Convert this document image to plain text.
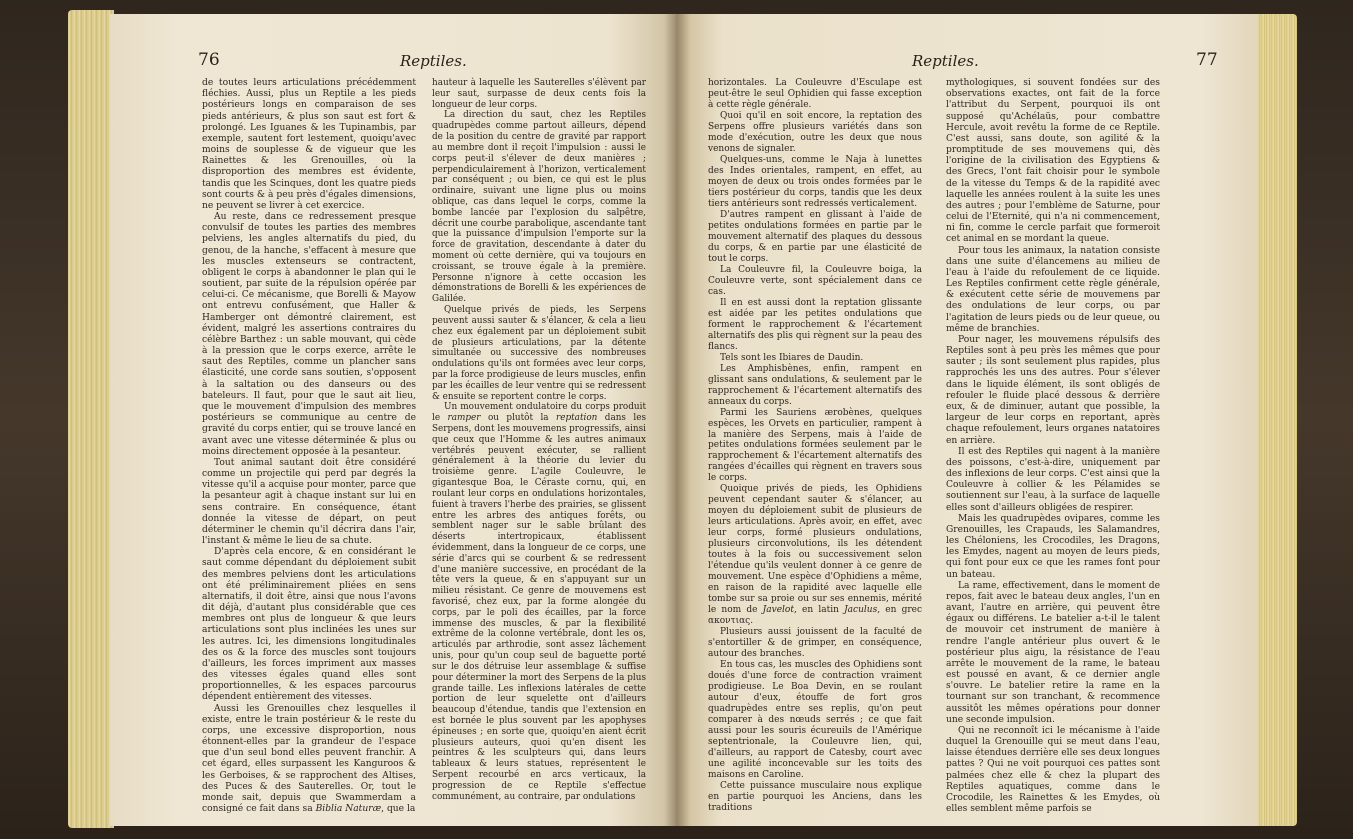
76	Reptiles.

de toutes leurs articulations précédemment fléchies. Aussi, plus un Reptile a les pieds postérieurs longs en comparaison de ses pieds antérieurs, & plus son saut est fort & prolongé. Les Iguanes & les Tupinambis, par exemple, sautent fort lestement, quoiqu'avec moins de souplesse & de vigueur que les Rainettes & les Grenouilles, où la disproportion des membres est évidente, tandis que les Scinques, dont les quatre pieds sont courts & à peu près d'égales dimensions, ne peuvent se livrer à cet exercice.

Au reste, dans ce redressement presque convulsif de toutes les parties des membres pelviens, les angles alternatifs du pied, du genou, de la hanche, s'effacent à mesure que les muscles extenseurs se contractent, obligent le corps à abandonner le plan qui le soutient, par suite de la répulsion opérée par celui-ci. Ce mécanisme, que Borelli & Mayow ont entrevu confusément, que Haller & Hamberger ont démontré clairement, est évident, malgré les assertions contraires du célèbre Barthez : un sable mouvant, qui cède à la pression que le corps exerce, arrête le saut des Reptiles, comme un plancher sans élasticité, une corde sans soutien, s'opposent à la saltation ou des danseurs ou des bateleurs. Il faut, pour que le saut ait lieu, que le mouvement d'impulsion des membres postérieurs se communique au centre de gravité du corps entier, qui se trouve lancé en avant avec une vitesse déterminée & plus ou moins directement opposée à la pesanteur.

Tout animal sautant doit être considéré comme un projectile qui perd par degrés la vitesse qu'il a acquise pour monter, parce que la pesanteur agit à chaque instant sur lui en sens contraire. En conséquence, étant donnée la vitesse de départ, on peut déterminer le chemin qu'il décrira dans l'air, l'instant & même le lieu de sa chute.

D'après cela encore, & en considérant le saut comme dépendant du déploiement subit des membres pelviens dont les articulations ont été préliminairement pliées en sens alternatifs, il doit être, ainsi que nous l'avons dit déjà, d'autant plus considérable que ces membres ont plus de longueur & que leurs articulations sont plus inclinées les unes sur les autres. Ici, les dimensions longitudinales des os & la force des muscles sont toujours d'ailleurs, les forces impriment aux masses des vitesses égales quand elles sont proportionnelles, & les espaces parcourus dépendent entièrement des vitesses.

Aussi les Grenouilles chez lesquelles il existe, entre le train postérieur & le reste du corps, une excessive disproportion, nous étonnent-elles par la grandeur de l'espace que d'un seul bond elles peuvent franchir. A cet égard, elles surpassent les Kanguroos & les Gerboises, & se rapprochent des Altises, des Puces & des Sauterelles. Or, tout le monde sait, depuis que Swammerdam a consigné ce fait dans sa Biblia Naturæ, que la

hauteur à laquelle les Sauterelles s'élèvent par leur saut, surpasse de deux cents fois la longueur de leur corps.

La direction du saut, chez les Reptiles quadrupèdes comme partout ailleurs, dépend de la position du centre de gravité par rapport au membre dont il reçoit l'impulsion : aussi le corps peut-il s'élever de deux manières ; perpendiculairement à l'horizon, verticalement par conséquent ; ou bien, ce qui est le plus ordinaire, suivant une ligne plus ou moins oblique, cas dans lequel le corps, comme la bombe lancée par l'explosion du salpêtre, décrit une courbe parabolique, ascendante tant que la puissance d'impulsion l'emporte sur la force de gravitation, descendante à dater du moment où cette dernière, qui va toujours en croissant, se trouve égale à la première. Personne n'ignore à cette occasion les démonstrations de Borelli & les expériences de Galilée.

Quelque privés de pieds, les Serpens peuvent aussi sauter & s'élancer, & cela a lieu chez eux également par un déploiement subit de plusieurs articulations, par la détente simultanée ou successive des nombreuses ondulations qu'ils ont formées avec leur corps, par la force prodigieuse de leurs muscles, enfin par les écailles de leur ventre qui se redressent & ensuite se reportent contre le corps.

Un mouvement ondulatoire du corps produit le ramper ou plutôt la reptation dans les Serpens, dont les mouvemens progressifs, ainsi que ceux que l'Homme & les autres animaux vertébrés peuvent exécuter, se rallient généralement à la théorie du levier du troisième genre. L'agile Couleuvre, le gigantesque Boa, le Céraste cornu, qui, en roulant leur corps en ondulations horizontales, fuient à travers l'herbe des prairies, se glissent entre les arbres des antiques forêts, ou semblent nager sur le sable brûlant des déserts intertropicaux, établissent évidemment, dans la longueur de ce corps, une série d'arcs qui se courbent & se redressent d'une manière successive, en procédant de la tête vers la queue, & en s'appuyant sur un milieu résistant. Ce genre de mouvemens est favorisé, chez eux, par la forme alongée du corps, par le poli des écailles, par la force immense des muscles, & par la flexibilité extrême de la colonne vertébrale, dont les os, articulés par arthrodie, sont assez lâchement unis, pour qu'un coup seul de baguette porté sur le dos détruise leur assemblage & suffise pour déterminer la mort des Serpens de la plus grande taille. Les inflexions latérales de cette portion de leur squelette ont d'ailleurs beaucoup d'étendue, tandis que l'extension en est bornée le plus souvent par les apophyses épineuses ; en sorte que, quoiqu'en aient écrit plusieurs auteurs, quoi qu'en disent les peintres & les sculpteurs qui, dans leurs tableaux & leurs statues, représentent le Serpent recourbé en arcs verticaux, la progression de ce Reptile s'effectue communément, au contraire, par ondulations

Reptiles.	77

horizontales. La Couleuvre d'Esculape est peut-être le seul Ophidien qui fasse exception à cette règle générale.

Quoi qu'il en soit encore, la reptation des Serpens offre plusieurs variétés dans son mode d'exécution, outre les deux que nous venons de signaler.

Quelques-uns, comme le Naja à lunettes des Indes orientales, rampent, en effet, au moyen de deux ou trois ondes formées par le tiers postérieur du corps, tandis que les deux tiers antérieurs sont redressés verticalement.

D'autres rampent en glissant à l'aide de petites ondulations formées en partie par le mouvement alternatif des plaques du dessous du corps, & en partie par une élasticité de tout le corps.

La Couleuvre fil, la Couleuvre boiga, la Couleuvre verte, sont spécialement dans ce cas.

Il en est aussi dont la reptation glissante est aidée par les petites ondulations que forment le rapprochement & l'écartement alternatifs des plis qui règnent sur la peau des flancs.

Tels sont les Ibiares de Daudin.

Les Amphisbènes, enfin, rampent en glissant sans ondulations, & seulement par le rapprochement & l'écartement alternatifs des anneaux du corps.

Parmi les Sauriens ærobènes, quelques espèces, les Orvets en particulier, rampent à la manière des Serpens, mais à l'aide de petites ondulations formées seulement par le rapprochement & l'écartement alternatifs des rangées d'écailles qui règnent en travers sous le corps.

Quoique privés de pieds, les Ophidiens peuvent cependant sauter & s'élancer, au moyen du déploiement subit de plusieurs de leurs articulations. Après avoir, en effet, avec leur corps, formé plusieurs ondulations, plusieurs circonvolutions, ils les détendent toutes à la fois ou successivement selon l'étendue qu'ils veulent donner à ce genre de mouvement. Une espèce d'Ophidiens a même, en raison de la rapidité avec laquelle elle tombe sur sa proie ou sur ses ennemis, mérité le nom de Javelot, en latin Jaculus, en grec ακοντιας.

Plusieurs aussi jouissent de la faculté de s'entortiller & de grimper, en conséquence, autour des branches.

En tous cas, les muscles des Ophidiens sont doués d'une force de contraction vraiment prodigieuse. Le Boa Devin, en se roulant autour d'eux, étouffe de fort gros quadrupèdes entre ses replis, qu'on peut comparer à des nœuds serrés ; ce que fait aussi pour les souris écureuils de l'Amérique septentrionale, la Couleuvre lien, qui, d'ailleurs, au rapport de Catesby, court avec une agilité inconcevable sur les toits des maisons en Caroline.

Cette puissance musculaire nous explique en partie pourquoi les Anciens, dans les traditions

mythologiques, si souvent fondées sur des observations exactes, ont fait de la force l'attribut du Serpent, pourquoi ils ont supposé qu'Achélaüs, pour combattre Hercule, avoit revêtu la forme de ce Reptile. C'est aussi, sans doute, son agilité & la promptitude de ses mouvemens qui, dès l'origine de la civilisation des Egyptiens & des Grecs, l'ont fait choisir pour le symbole de la vitesse du Temps & de la rapidité avec laquelle les années roulent à la suite les unes des autres ; pour l'emblème de Saturne, pour celui de l'Eternité, qui n'a ni commencement, ni fin, comme le cercle parfait que formeroit cet animal en se mordant la queue.

Pour tous les animaux, la natation consiste dans une suite d'élancemens au milieu de l'eau à l'aide du refoulement de ce liquide. Les Reptiles confirment cette règle générale, & exécutent cette série de mouvemens par des ondulations de leur corps, ou par l'agitation de leurs pieds ou de leur queue, ou même de branchies.

Pour nager, les mouvemens répulsifs des Reptiles sont à peu près les mêmes que pour sauter ; ils sont seulement plus rapides, plus rapprochés les uns des autres. Pour s'élever dans le liquide élément, ils sont obligés de refouler le fluide placé dessous & derrière eux, & de diminuer, autant que possible, la largeur de leur corps en reportant, après chaque refoulement, leurs organes natatoires en arrière.

Il est des Reptiles qui nagent à la manière des poissons, c'est-à-dire, uniquement par des inflexions de leur corps. C'est ainsi que la Couleuvre à collier & les Pélamides se soutiennent sur l'eau, à la surface de laquelle elles sont d'ailleurs obligées de respirer.

Mais les quadrupèdes ovipares, comme les Grenouilles, les Crapauds, les Salamandres, les Chéloniens, les Crocodiles, les Dragons, les Emydes, nagent au moyen de leurs pieds, qui font pour eux ce que les rames font pour un bateau.

La rame, effectivement, dans le moment de repos, fait avec le bateau deux angles, l'un en avant, l'autre en arrière, qui peuvent être égaux ou différens. Le batelier a-t-il le talent de mouvoir cet instrument de manière à rendre l'angle antérieur plus ouvert & le postérieur plus aigu, la résistance de l'eau arrête le mouvement de la rame, le bateau est poussé en avant, & ce dernier angle s'ouvre. Le batelier retire la rame en la tournant sur son tranchant, & recommence aussitôt les mêmes opérations pour donner une seconde impulsion.

Qui ne reconnoît ici le mécanisme à l'aide duquel la Grenouille qui se meut dans l'eau, laisse étendues derrière elle ses deux longues pattes ? Qui ne voit pourquoi ces pattes sont palmées chez elle & chez la plupart des Reptiles aquatiques, comme dans le Crocodile, les Rainettes & les Emydes, où elles semblent même parfois se
